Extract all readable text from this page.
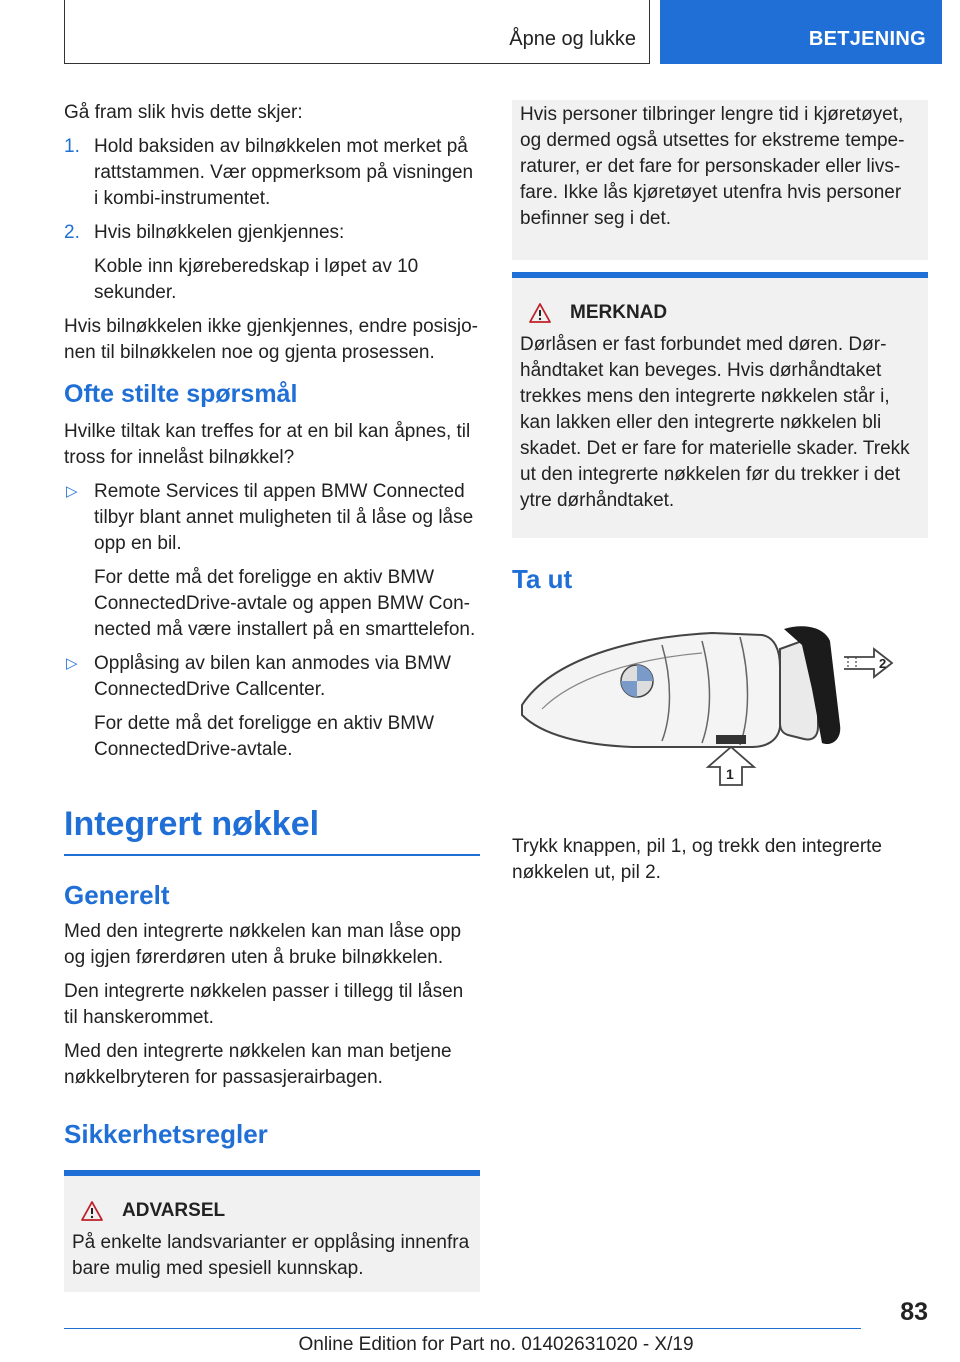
Åpne og lukke	BETJENING

Gå fram slik hvis dette skjer:

1. Hold baksiden av bilnøkkelen mot merket på rattstammen. Vær oppmerksom på visningen i kombi-instrumentet.
2. Hvis bilnøkkelen gjenkjennes:
Koble inn kjøreberedskap i løpet av 10 sekunder.

Hvis bilnøkkelen ikke gjenkjennes, endre posisjonen til bilnøkkelen noe og gjenta prosessen.

Ofte stilte spørsmål

Hvilke tiltak kan treffes for at en bil kan åpnes, til tross for innelåst bilnøkkel?

▷ Remote Services til appen BMW Connected tilbyr blant annet muligheten til å låse og låse opp en bil.
For dette må det foreligge en aktiv BMW ConnectedDrive-avtale og appen BMW Connected må være installert på en smarttelefon.
▷ Opplåsing av bilen kan anmodes via BMW ConnectedDrive Callcenter.
For dette må det foreligge en aktiv BMW ConnectedDrive-avtale.
Integrert nøkkel
Generelt

Med den integrerte nøkkelen kan man låse opp og igjen førerdøren uten å bruke bilnøkkelen.

Den integrerte nøkkelen passer i tillegg til låsen til hanskerommet.

Med den integrerte nøkkelen kan man betjene nøkkelbryteren for passasjerairbagen.

Sikkerhetsregler
ADVARSEL

På enkelte landsvarianter er opplåsing innenfra bare mulig med spesiell kunnskap.

Hvis personer tilbringer lengre tid i kjøretøyet, og dermed også utsettes for ekstreme temperaturer, er det fare for personskader eller livsfare. Ikke lås kjøretøyet utenfra hvis personer befinner seg i det.

MERKNAD

Dørlåsen er fast forbundet med døren. Dørhåndtaket kan beveges. Hvis dørhåndtaket trekkes mens den integrerte nøkkelen står i, kan lakken eller den integrerte nøkkelen bli skadet. Det er fare for materielle skader. Trekk ut den integrerte nøkkelen før du trekker i det ytre dørhåndtaket.

Ta ut
2
1

Trykk knappen, pil 1, og trekk den integrerte nøkkelen ut, pil 2.

83
Online Edition for Part no. 01402631020 - X/19
